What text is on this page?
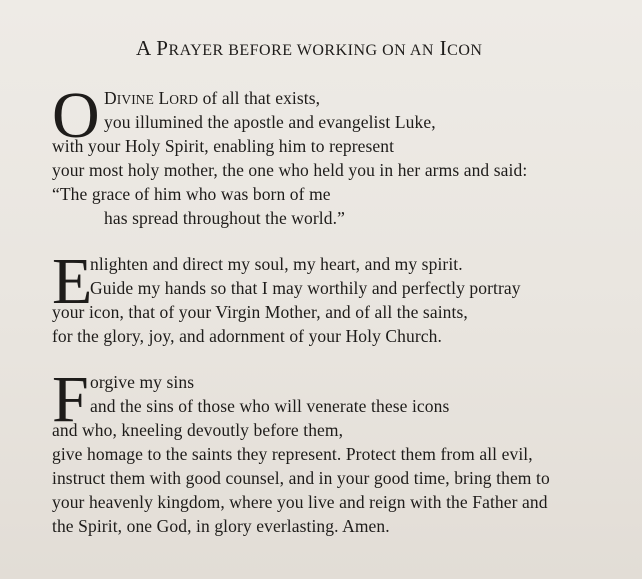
A PRAYER BEFORE WORKING ON AN ICON
O DIVINE LORD of all that exists,
you illumined the apostle and evangelist Luke,
with your Holy Spirit, enabling him to represent
your most holy mother, the one who held you in her arms and said:
“The grace of him who was born of me
has spread throughout the world.”
E
nlighten and direct my soul, my heart, and my spirit.
Guide my hands so that I may worthily and perfectly portray
your icon, that of your Virgin Mother, and of all the saints,
for the glory, joy, and adornment of your Holy Church.
F orgive my sins
and the sins of those who will venerate these icons
and who, kneeling devoutly before them,
give homage to the saints they represent. Protect them from all evil,
instruct them with good counsel, and in your good time, bring them to
your heavenly kingdom, where you live and reign with the Father and
the Spirit, one God, in glory everlasting. Amen.
